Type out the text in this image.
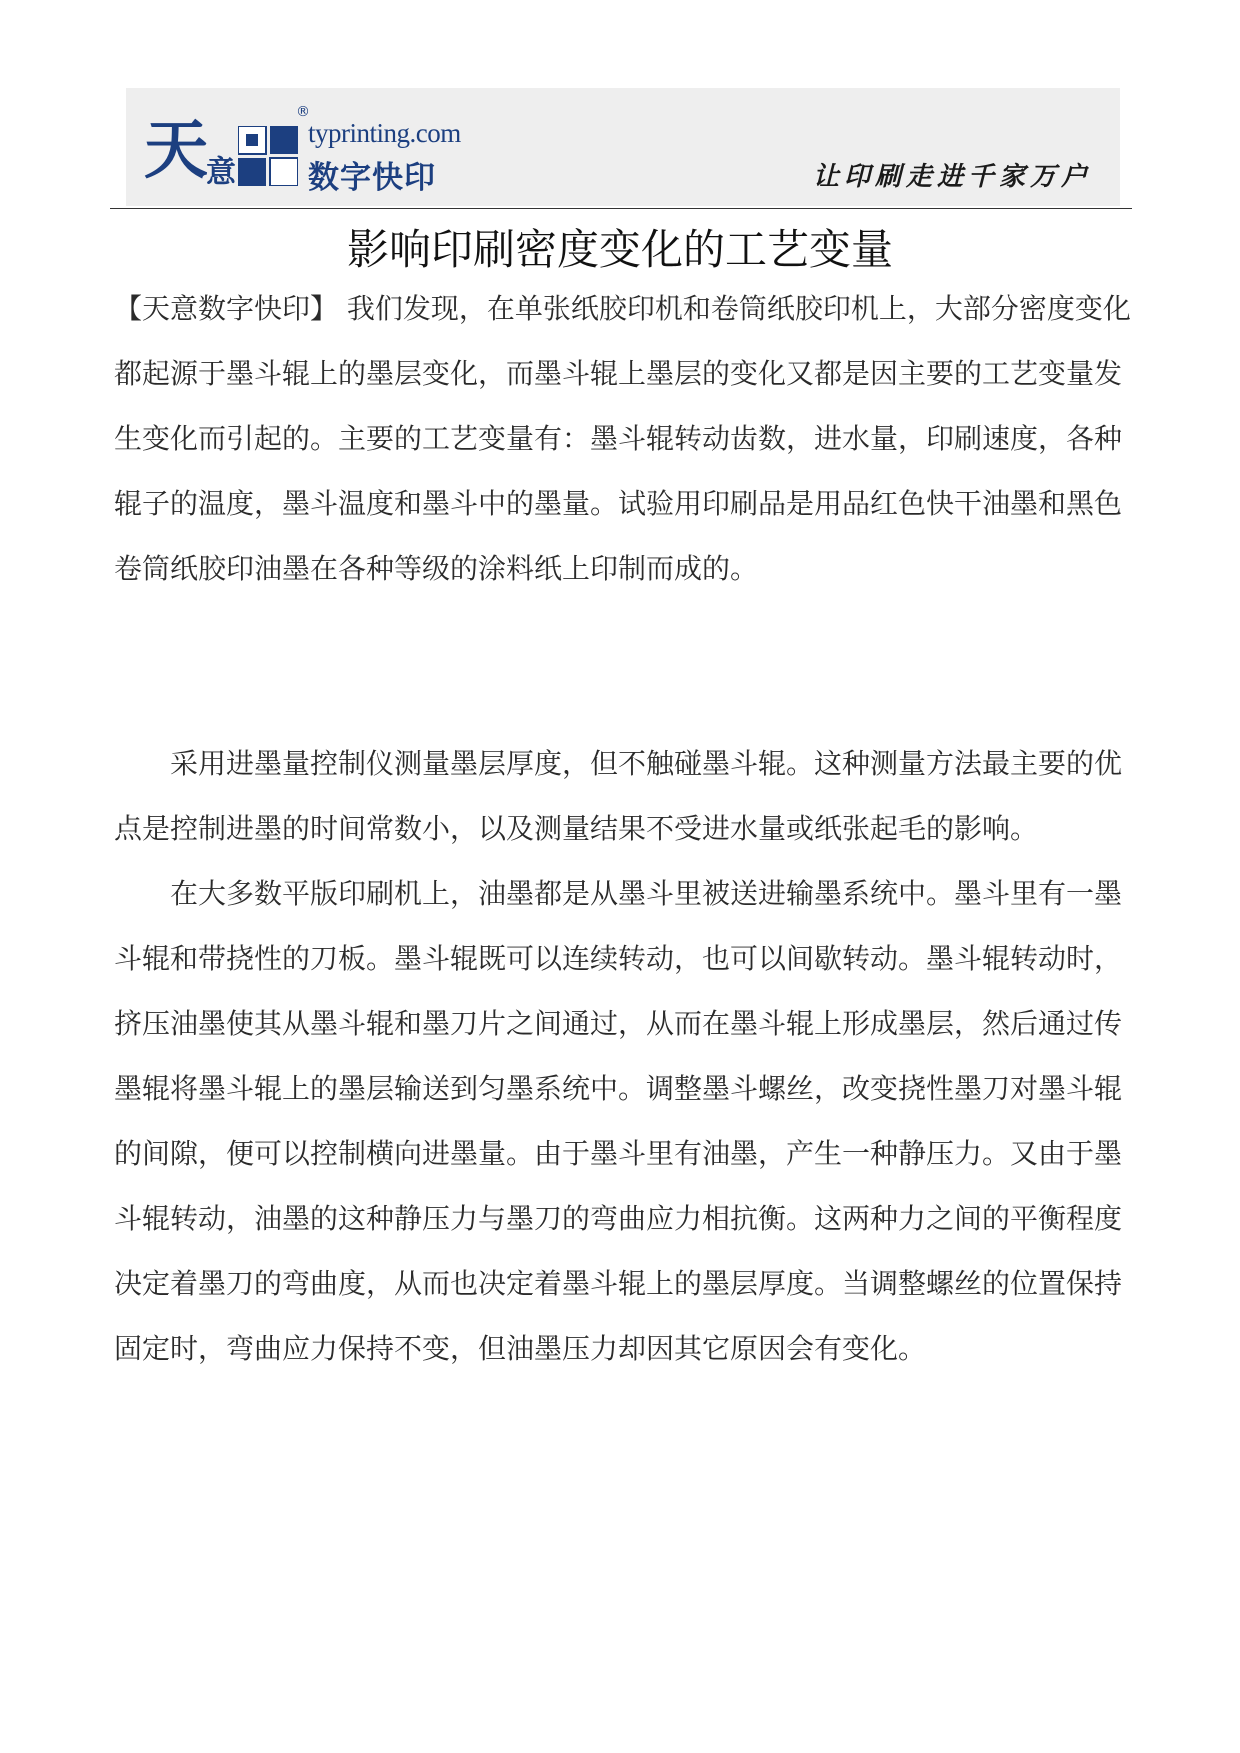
天
意
®
typrinting.com
数字快印	让印刷走进千家万户
影响印刷密度变化的工艺变量

【天意数字快印】 我们发现，在单张纸胶印机和卷筒纸胶印机上，大部分密度变化都起源于墨斗辊上的墨层变化，而墨斗辊上墨层的变化又都是因主要的工艺变量发生变化而引起的。主要的工艺变量有：墨斗辊转动齿数，进水量，印刷速度，各种辊子的温度，墨斗温度和墨斗中的墨量。试验用印刷品是用品红色快干油墨和黑色卷筒纸胶印油墨在各种等级的涂料纸上印制而成的。

采用进墨量控制仪测量墨层厚度，但不触碰墨斗辊。这种测量方法最主要的优点是控制进墨的时间常数小，以及测量结果不受进水量或纸张起毛的影响。

在大多数平版印刷机上，油墨都是从墨斗里被送进输墨系统中。墨斗里有一墨斗辊和带挠性的刀板。墨斗辊既可以连续转动，也可以间歇转动。墨斗辊转动时，挤压油墨使其从墨斗辊和墨刀片之间通过，从而在墨斗辊上形成墨层，然后通过传墨辊将墨斗辊上的墨层输送到匀墨系统中。调整墨斗螺丝，改变挠性墨刀对墨斗辊的间隙，便可以控制横向进墨量。由于墨斗里有油墨，产生一种静压力。又由于墨斗辊转动，油墨的这种静压力与墨刀的弯曲应力相抗衡。这两种力之间的平衡程度决定着墨刀的弯曲度，从而也决定着墨斗辊上的墨层厚度。当调整螺丝的位置保持固定时，弯曲应力保持不变，但油墨压力却因其它原因会有变化。
